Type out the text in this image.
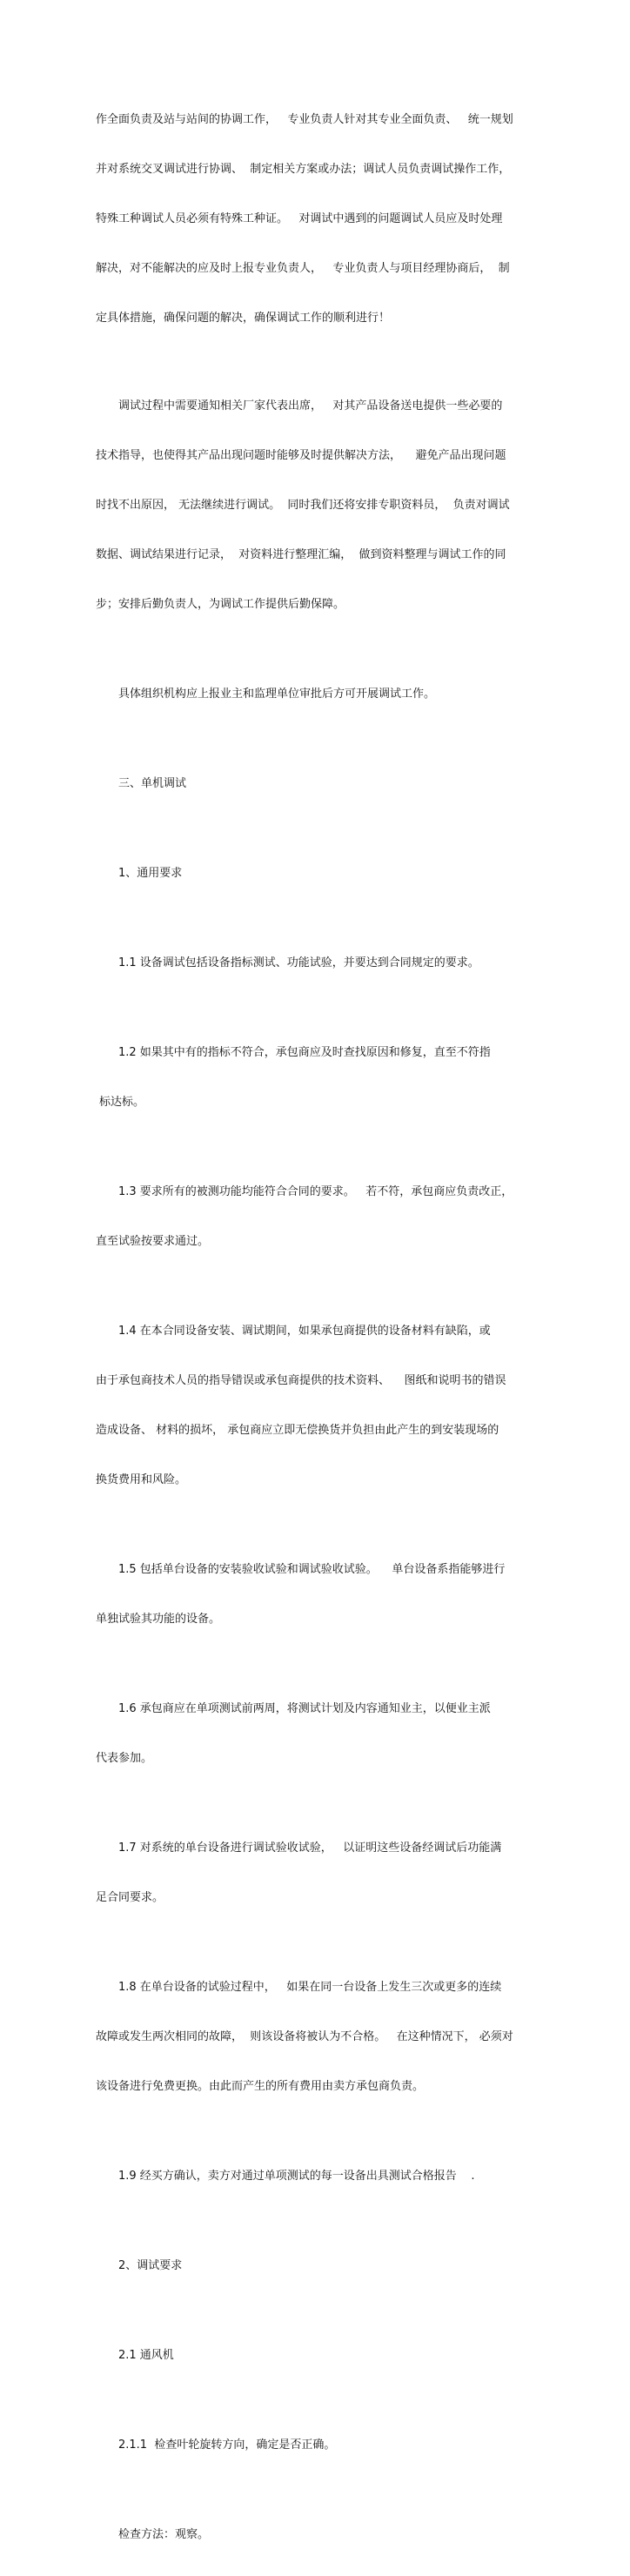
作全面负责及站与站间的协调工作，   专业负责人针对其专业全面负责、   统一规划

并对系统交叉调试进行协调、  制定相关方案或办法；调试人员负责调试操作工作，

特殊工种调试人员必须有特殊工种证。   对调试中遇到的问题调试人员应及时处理

解决，对不能解决的应及时上报专业负责人，   专业负责人与项目经理协商后，  制

定具体措施，确保问题的解决，确保调试工作的顺利进行！

调试过程中需要通知相关厂家代表出席，   对其产品设备送电提供一些必要的

技术指导，也使得其产品出现问题时能够及时提供解决方法，    避免产品出现问题

时找不出原因， 无法继续进行调试。  同时我们还将安排专职资料员，  负责对调试

数据、调试结果进行记录，  对资料进行整理汇编，  做到资料整理与调试工作的同

步；安排后勤负责人，为调试工作提供后勤保障。

具体组织机构应上报业主和监理单位审批后方可开展调试工作。

三、单机调试

1、通用要求

1.1 设备调试包括设备指标测试、功能试验，并要达到合同规定的要求。

1.2 如果其中有的指标不符合，承包商应及时查找原因和修复，直至不符指

标达标。

1.3 要求所有的被测功能均能符合合同的要求。   若不符，承包商应负责改正，

直至试验按要求通过。

1.4 在本合同设备安装、调试期间，如果承包商提供的设备材料有缺陷，或

由于承包商技术人员的指导错误或承包商提供的技术资料、    图纸和说明书的错误

造成设备、 材料的损坏， 承包商应立即无偿换货并负担由此产生的到安装现场的

换货费用和风险。

1.5 包括单台设备的安装验收试验和调试验收试验。    单台设备系指能够进行

单独试验其功能的设备。

1.6 承包商应在单项测试前两周，将测试计划及内容通知业主，以便业主派

代表参加。

1.7 对系统的单台设备进行调试验收试验，   以证明这些设备经调试后功能满

足合同要求。

1.8 在单台设备的试验过程中，   如果在同一台设备上发生三次或更多的连续

故障或发生两次相同的故障，  则该设备将被认为不合格。   在这种情况下， 必须对

该设备进行免费更换。由此而产生的所有费用由卖方承包商负责。

1.9 经买方确认，卖方对通过单项测试的每一设备出具测试合格报告    .

2、调试要求

2.1 通风机

2.1.1  检查叶轮旋转方向，确定是否正确。

检查方法：观察。
